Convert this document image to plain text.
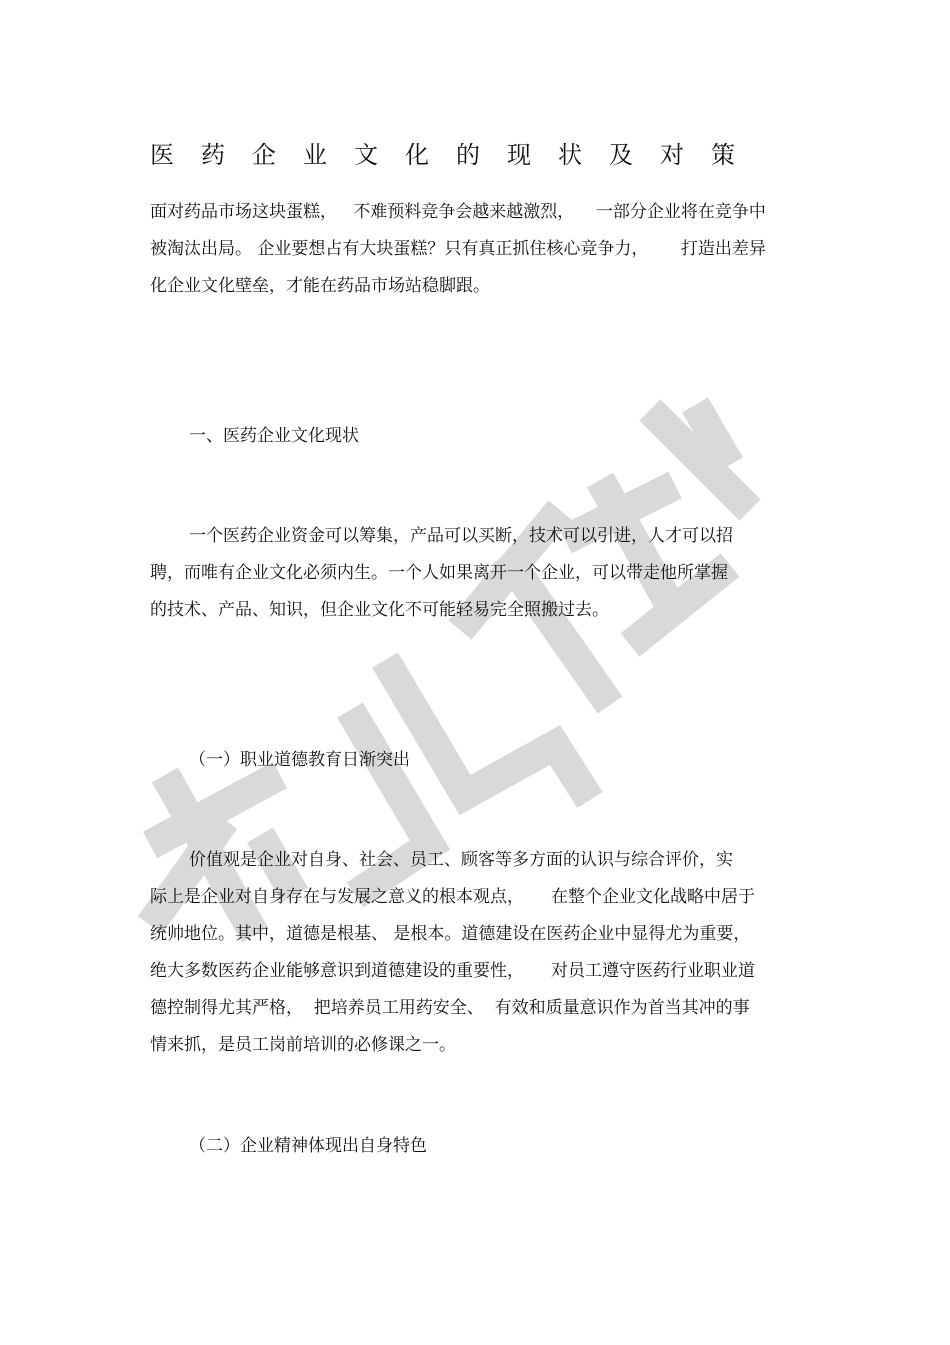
医药企业文化的现状及对策

面对药品市场这块蛋糕，   不难预料竞争会越来越激烈，    一部分企业将在竞争中

被淘汰出局。 企业要想占有大块蛋糕？只有真正抓住核心竞争力，      打造出差异

化企业文化壁垒，才能在药品市场站稳脚跟。

一、医药企业文化现状

一个医药企业资金可以筹集，产品可以买断，技术可以引进，人才可以招

聘，而唯有企业文化必须内生。一个人如果离开一个企业，可以带走他所掌握

的技术、产品、知识，但企业文化不可能轻易完全照搬过去。

（一）职业道德教育日渐突出

价值观是企业对自身、社会、员工、顾客等多方面的认识与综合评价，实

际上是企业对自身存在与发展之意义的根本观点，     在整个企业文化战略中居于

统帅地位。其中，道德是根基、 是根本。道德建设在医药企业中显得尤为重要，

绝大多数医药企业能够意识到道德建设的重要性，     对员工遵守医药行业职业道

德控制得尤其严格，  把培养员工用药安全、  有效和质量意识作为首当其冲的事

情来抓，是员工岗前培训的必修课之一。

（二）企业精神体现出自身特色
